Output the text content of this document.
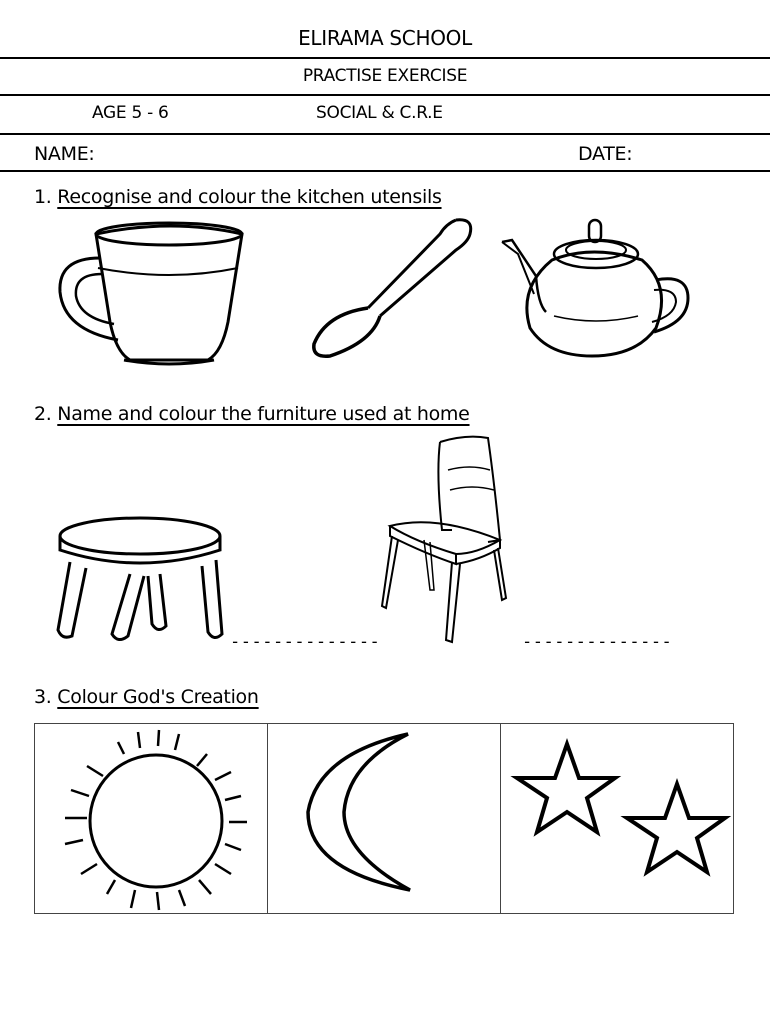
ELIRAMA SCHOOL
PRACTISE EXERCISE
AGE 5 - 6	SOCIAL & C.R.E
NAME:	DATE:
1. Recognise and colour the kitchen utensils
2. Name and colour the furniture used at home
--------------	--------------
3. Colour God's Creation
